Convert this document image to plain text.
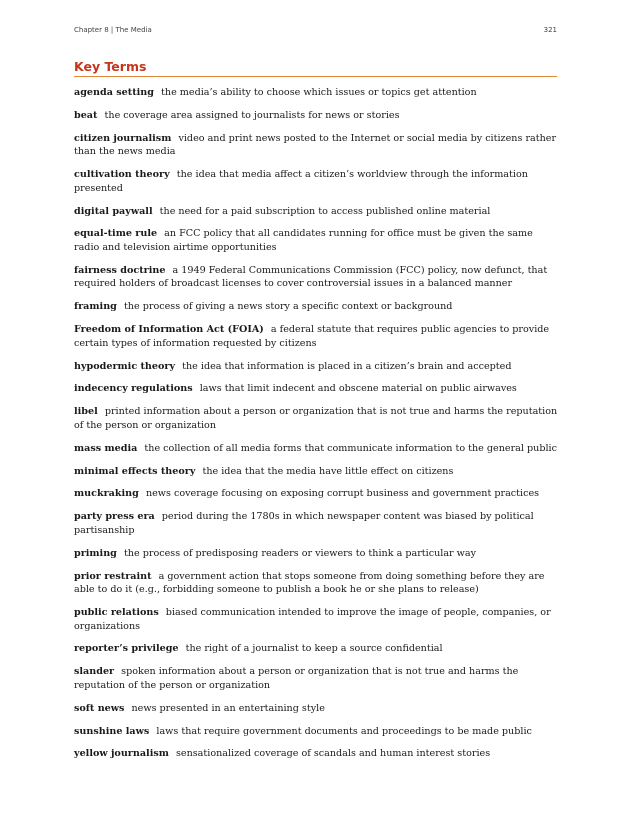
Chapter 8 | The Media	321
Key Terms

agenda setting the media’s ability to choose which issues or topics get attention

beat the coverage area assigned to journalists for news or stories

citizen journalism video and print news posted to the Internet or social media by citizens rather than the news media

cultivation theory the idea that media affect a citizen’s worldview through the information presented

digital paywall the need for a paid subscription to access published online material

equal-time rule an FCC policy that all candidates running for office must be given the same radio and television airtime opportunities

fairness doctrine a 1949 Federal Communications Commission (FCC) policy, now defunct, that required holders of broadcast licenses to cover controversial issues in a balanced manner

framing the process of giving a news story a specific context or background

Freedom of Information Act (FOIA) a federal statute that requires public agencies to provide certain types of information requested by citizens

hypodermic theory the idea that information is placed in a citizen’s brain and accepted

indecency regulations laws that limit indecent and obscene material on public airwaves

libel printed information about a person or organization that is not true and harms the reputation of the person or organization

mass media the collection of all media forms that communicate information to the general public

minimal effects theory the idea that the media have little effect on citizens

muckraking news coverage focusing on exposing corrupt business and government practices

party press era period during the 1780s in which newspaper content was biased by political partisanship

priming the process of predisposing readers or viewers to think a particular way

prior restraint a government action that stops someone from doing something before they are able to do it (e.g., forbidding someone to publish a book he or she plans to release)

public relations biased communication intended to improve the image of people, companies, or organizations

reporter’s privilege the right of a journalist to keep a source confidential

slander spoken information about a person or organization that is not true and harms the reputation of the person or organization

soft news news presented in an entertaining style

sunshine laws laws that require government documents and proceedings to be made public

yellow journalism sensationalized coverage of scandals and human interest stories
